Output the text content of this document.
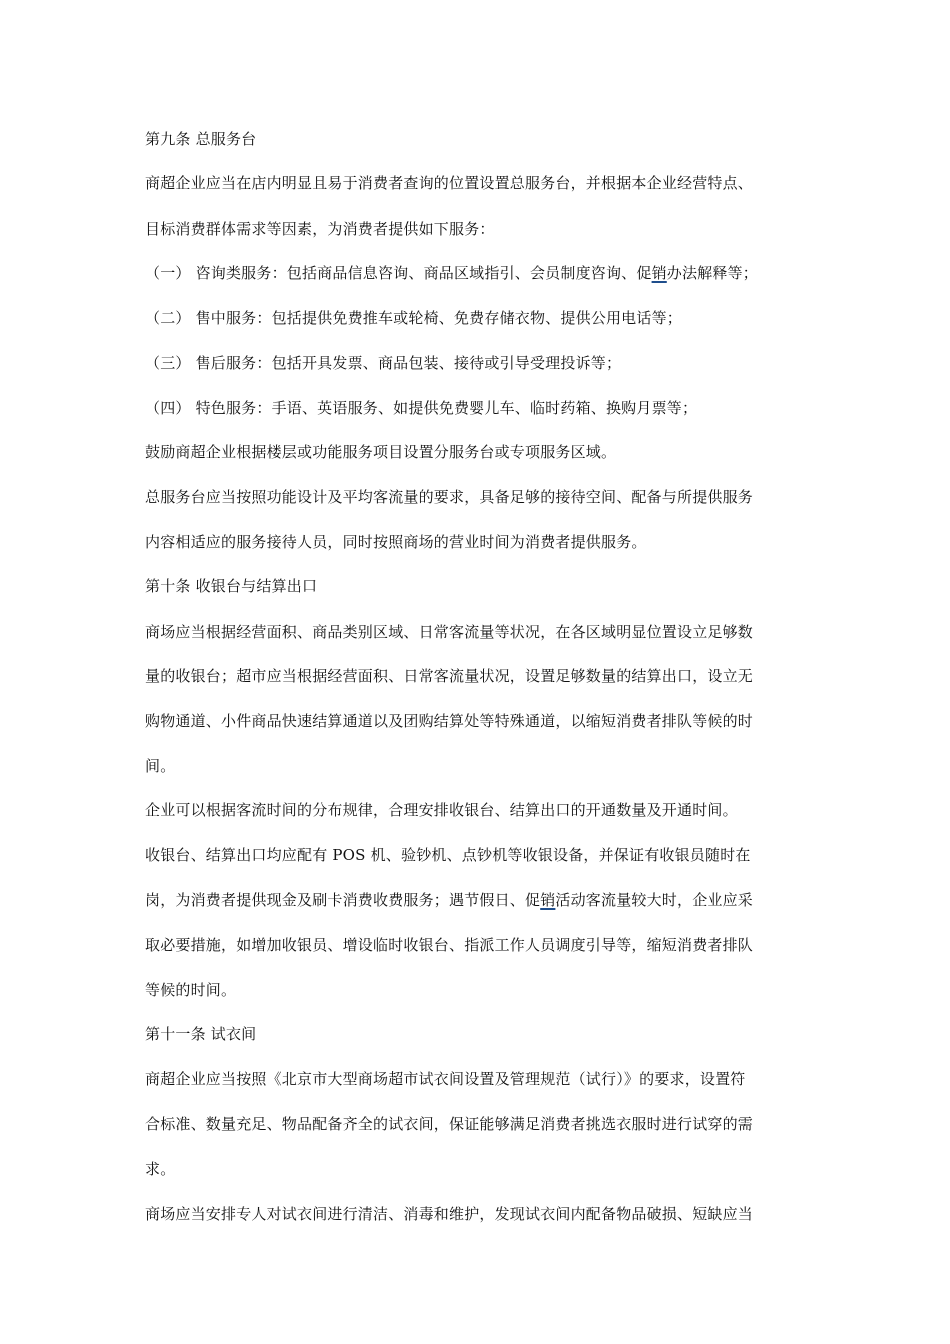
第九条 总服务台
商超企业应当在店内明显且易于消费者查询的位置设置总服务台，并根据本企业经营特点、
目标消费群体需求等因素，为消费者提供如下服务：
（一） 咨询类服务：包括商品信息咨询、商品区域指引、会员制度咨询、促销办法解释等；
（二） 售中服务：包括提供免费推车或轮椅、免费存储衣物、提供公用电话等；
（三） 售后服务：包括开具发票、商品包装、接待或引导受理投诉等；
（四） 特色服务：手语、英语服务、如提供免费婴儿车、临时药箱、换购月票等；
鼓励商超企业根据楼层或功能服务项目设置分服务台或专项服务区域。
总服务台应当按照功能设计及平均客流量的要求，具备足够的接待空间、配备与所提供服务
内容相适应的服务接待人员，同时按照商场的营业时间为消费者提供服务。
第十条 收银台与结算出口
商场应当根据经营面积、商品类别区域、日常客流量等状况，在各区域明显位置设立足够数
量的收银台；超市应当根据经营面积、日常客流量状况，设置足够数量的结算出口，设立无
购物通道、小件商品快速结算通道以及团购结算处等特殊通道，以缩短消费者排队等候的时
间。
企业可以根据客流时间的分布规律，合理安排收银台、结算出口的开通数量及开通时间。
收银台、结算出口均应配有 POS 机、验钞机、点钞机等收银设备，并保证有收银员随时在
岗，为消费者提供现金及刷卡消费收费服务；遇节假日、促销活动客流量较大时，企业应采
取必要措施，如增加收银员、增设临时收银台、指派工作人员调度引导等，缩短消费者排队
等候的时间。
第十一条 试衣间
商超企业应当按照《北京市大型商场超市试衣间设置及管理规范（试行）》的要求，设置符
合标准、数量充足、物品配备齐全的试衣间，保证能够满足消费者挑选衣服时进行试穿的需
求。
商场应当安排专人对试衣间进行清洁、消毒和维护，发现试衣间内配备物品破损、短缺应当
